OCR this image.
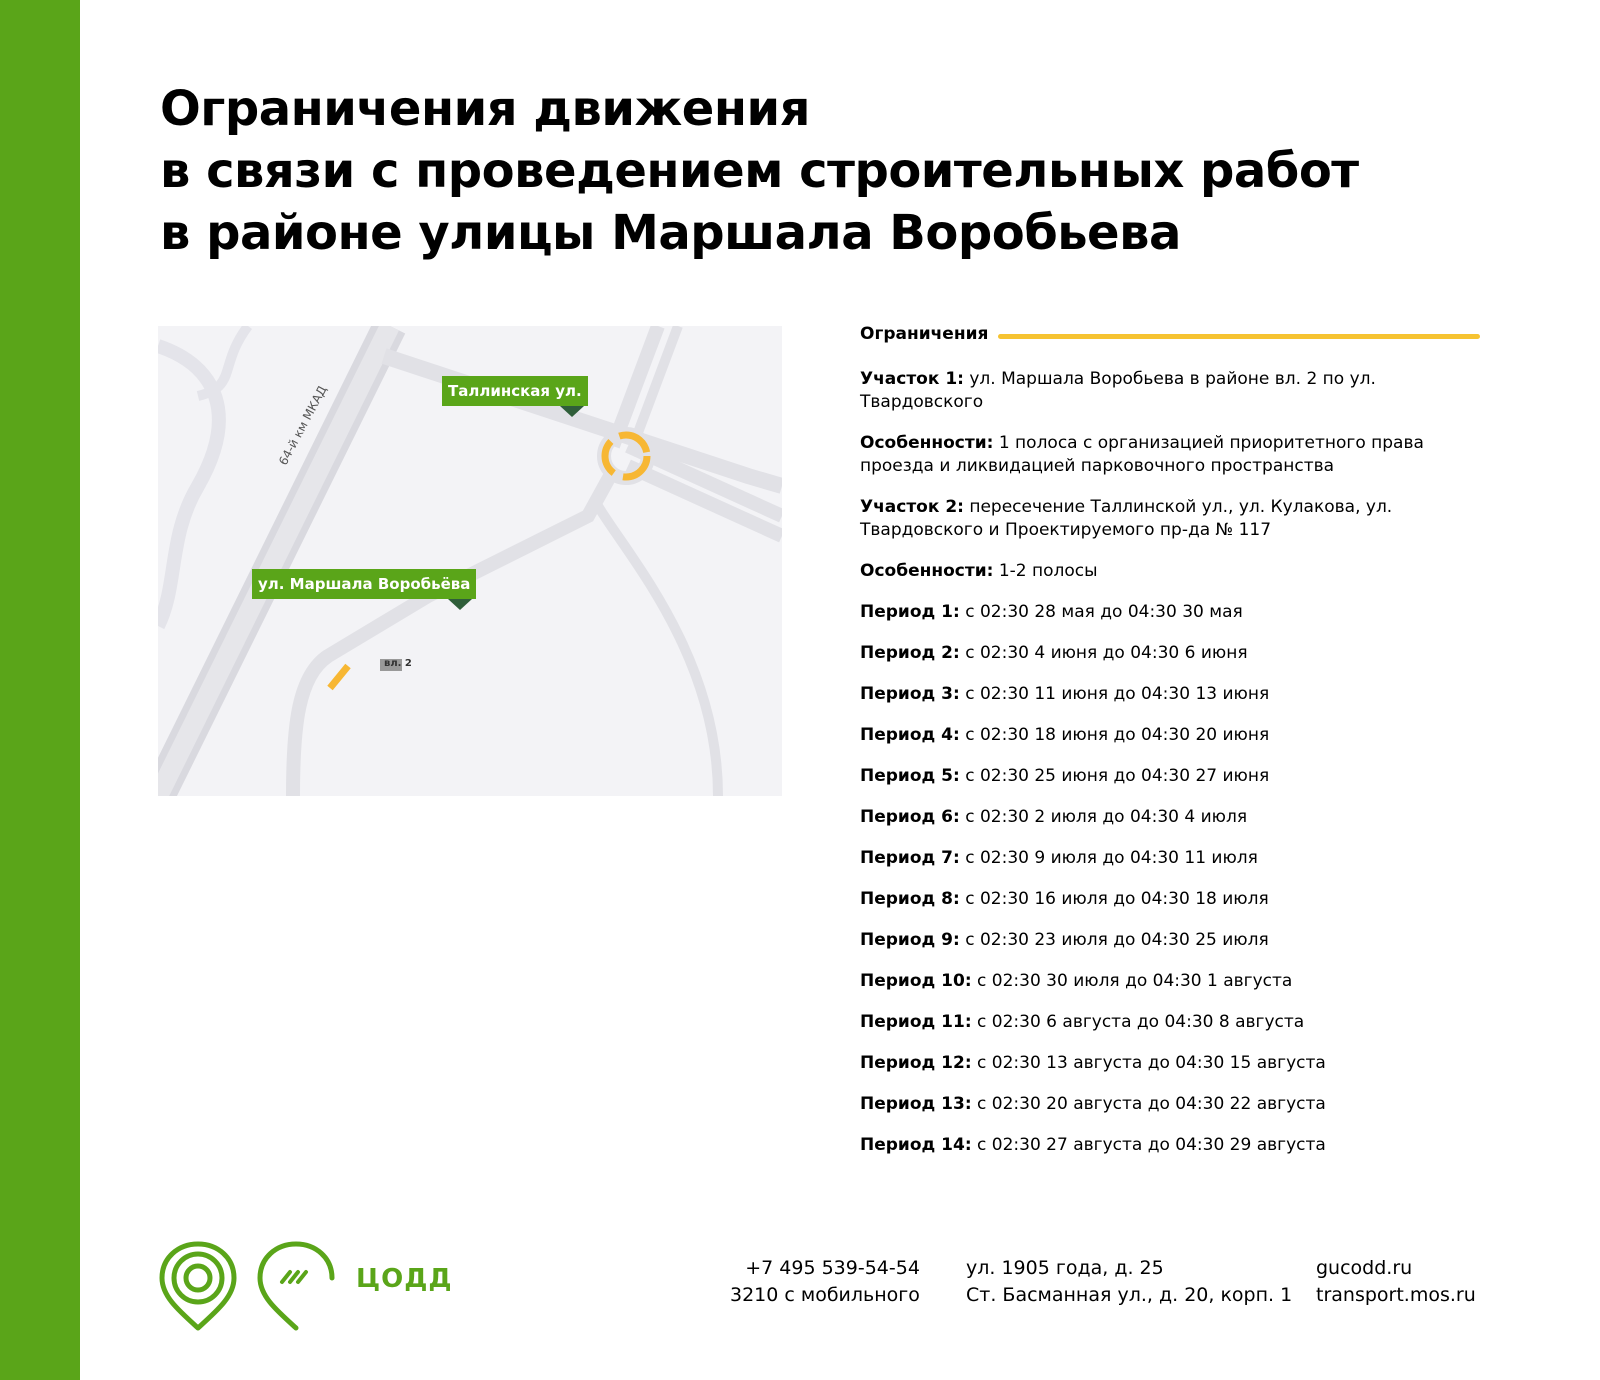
Ограничения движения
в связи с проведением строительных работ
в районе улицы Маршала Воробьева
64-й км МКАД	Таллинская ул.
ул. Маршала Воробьёва
вл. 2
Ограничения
Участок 1: ул. Маршала Воробьева в районе вл. 2 по ул. Твардовского
Особенности: 1 полоса с организацией приоритетного права проезда и ликвидацией парковочного пространства
Участок 2: пересечение Таллинской ул., ул. Кулакова, ул. Твардовского и Проектируемого пр-да № 117
Особенности: 1-2 полосы
Период 1: с 02:30 28 мая до 04:30 30 мая
Период 2: с 02:30 4 июня до 04:30 6 июня
Период 3: с 02:30 11 июня до 04:30 13 июня
Период 4: с 02:30 18 июня до 04:30 20 июня
Период 5: с 02:30 25 июня до 04:30 27 июня
Период 6: с 02:30 2 июля до 04:30 4 июля
Период 7: с 02:30 9 июля до 04:30 11 июля
Период 8: с 02:30 16 июля до 04:30 18 июля
Период 9: с 02:30 23 июля до 04:30 25 июля
Период 10: с 02:30 30 июля до 04:30 1 августа
Период 11: с 02:30 6 августа до 04:30 8 августа
Период 12: с 02:30 13 августа до 04:30 15 августа
Период 13: с 02:30 20 августа до 04:30 22 августа
Период 14: с 02:30 27 августа до 04:30 29 августа
ЦОДД	+7 495 539-54-54
3210 с мобильного
ул. 1905 года, д. 25
Ст. Басманная ул., д. 20, корп. 1
gucodd.ru
transport.mos.ru
